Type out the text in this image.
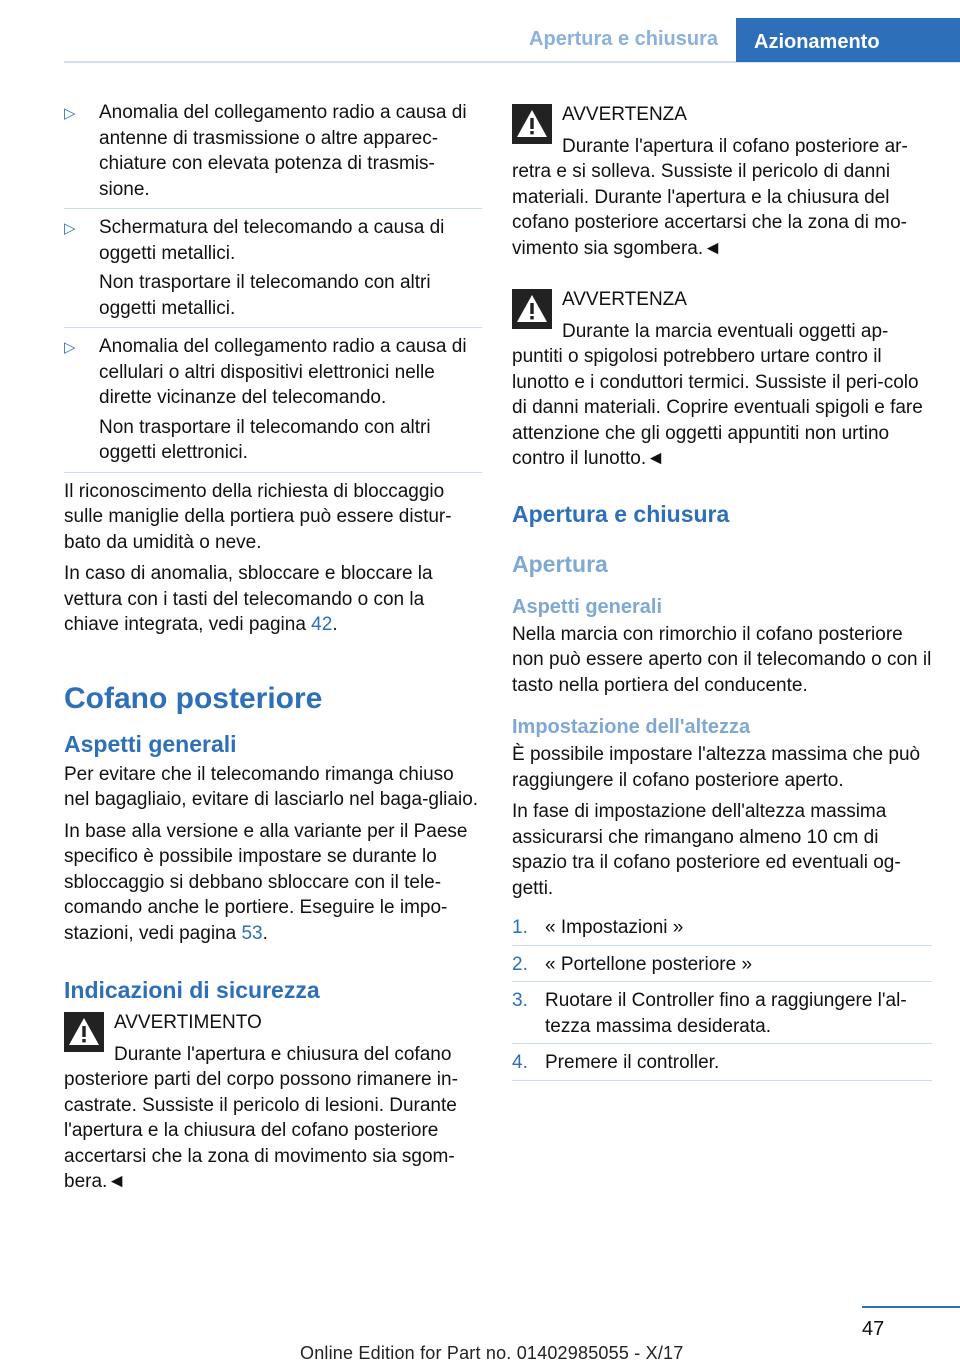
Apertura e chiusura	Azionamento
▷ Anomalia del collegamento radio a causa di antenne di trasmissione o altre apparec-chiature con elevata potenza di trasmis-sione.

▷ Schermatura del telecomando a causa di oggetti metallici.

Non trasportare il telecomando con altri oggetti metallici.

▷ Anomalia del collegamento radio a causa di cellulari o altri dispositivi elettronici nelle dirette vicinanze del telecomando.

Non trasportare il telecomando con altri oggetti elettronici.

Il riconoscimento della richiesta di bloccaggio sulle maniglie della portiera può essere distur-bato da umidità o neve.

In caso di anomalia, sbloccare e bloccare la vettura con i tasti del telecomando o con la chiave integrata, vedi pagina 42.

Cofano posteriore
Aspetti generali

Per evitare che il telecomando rimanga chiuso nel bagagliaio, evitare di lasciarlo nel baga-gliaio.

In base alla versione e alla variante per il Paese specifico è possibile impostare se durante lo sbloccaggio si debbano sbloccare con il tele-comando anche le portiere. Eseguire le impo-stazioni, vedi pagina 53.

Indicazioni di sicurezza
AVVERTIMENTO

Durante l'apertura e chiusura del cofano posteriore parti del corpo possono rimanere in-castrate. Sussiste il pericolo di lesioni. Durante l'apertura e la chiusura del cofano posteriore accertarsi che la zona di movimento sia sgom-bera.◄

AVVERTENZA

Durante l'apertura il cofano posteriore ar-retra e si solleva. Sussiste il pericolo di danni materiali. Durante l'apertura e la chiusura del cofano posteriore accertarsi che la zona di mo-vimento sia sgombera.◄

AVVERTENZA

Durante la marcia eventuali oggetti ap-puntiti o spigolosi potrebbero urtare contro il lunotto e i conduttori termici. Sussiste il peri-colo di danni materiali. Coprire eventuali spigoli e fare attenzione che gli oggetti appuntiti non urtino contro il lunotto.◄

Apertura e chiusura
Apertura
Aspetti generali

Nella marcia con rimorchio il cofano posteriore non può essere aperto con il telecomando o con il tasto nella portiera del conducente.

Impostazione dell'altezza

È possibile impostare l'altezza massima che può raggiungere il cofano posteriore aperto.

In fase di impostazione dell'altezza massima assicurarsi che rimangano almeno 10 cm di spazio tra il cofano posteriore ed eventuali og-getti.

1. « Impostazioni »

2. « Portellone posteriore »

3. Ruotare il Controller fino a raggiungere l'al-tezza massima desiderata.

4. Premere il controller.

47
Online Edition for Part no. 01402985055 - X/17
